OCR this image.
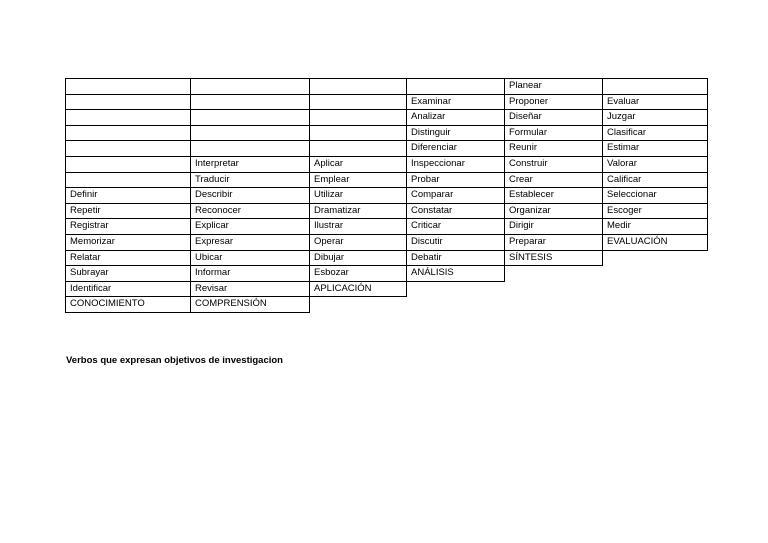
Definir
Repetir
Registrar
Memorizar
Relatar
Subrayar
Identificar
CONOCIMIENTO
Interpretar
Traducir
Describir
Reconocer
Explicar
Expresar
Ubicar
Informar
Revisar
COMPRENSIÓN
Aplicar
Emplear
Utilizar
Dramatizar
Ilustrar
Operar
Dibujar
Esbozar
APLICACIÓN
Examinar
Analizar
Distinguir
Diferenciar
Inspeccionar
Probar
Comparar
Constatar
Criticar
Discutir
Debatir
ANÁLISIS
Planear
Proponer
Diseñar
Formular
Reunir
Construir
Crear
Establecer
Organizar
Dirigir
Preparar
SÍNTESIS
Evaluar
Juzgar
Clasificar
Estimar
Valorar
Calificar
Seleccionar
Escoger
Medir
EVALUACIÓN
Verbos que expresan objetivos de investigacion
